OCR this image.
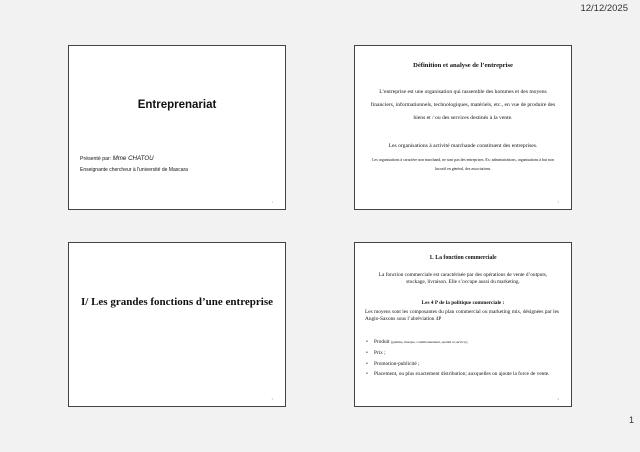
12/12/2025
Entreprenariat
Présenté par: Mme CHATOU
Enseignante chercheur à l'université de Mascara
1
Définition et analyse de l’entreprise
L’entreprise est une organisation qui rassemble des hommes et des moyens financiers, informationnels, technologiques, matériels, etc., en vue de produire des biens et / ou des services destinés à la vente.
Les organisations à activité marchande constituent des entreprises.
Les organisations à caractère non marchand, ne sont pas des entreprises. Ex: administrations, organisations à but non lucratif en général, des associations.
2
I/ Les grandes fonctions d’une entreprise
3
1. La fonction commerciale
La fonction commerciale est caractérisée par des opérations de vente d’outputs, stockage, livraison. Elle s’occupe aussi du marketing.
Les 4 P de la politique commerciale :
Les moyens sont les composantes du plan commercial ou marketing mix, désignées par les Anglo-Saxons sous l’abréviation 4P
• Produit (gamme, marque, conditionnement, qualité et service) ;
• Prix ;
• Promotion-publicité ;
• Placement, ou plus exactement distribution; auxquelles on ajoute la force de vente.
4
1
